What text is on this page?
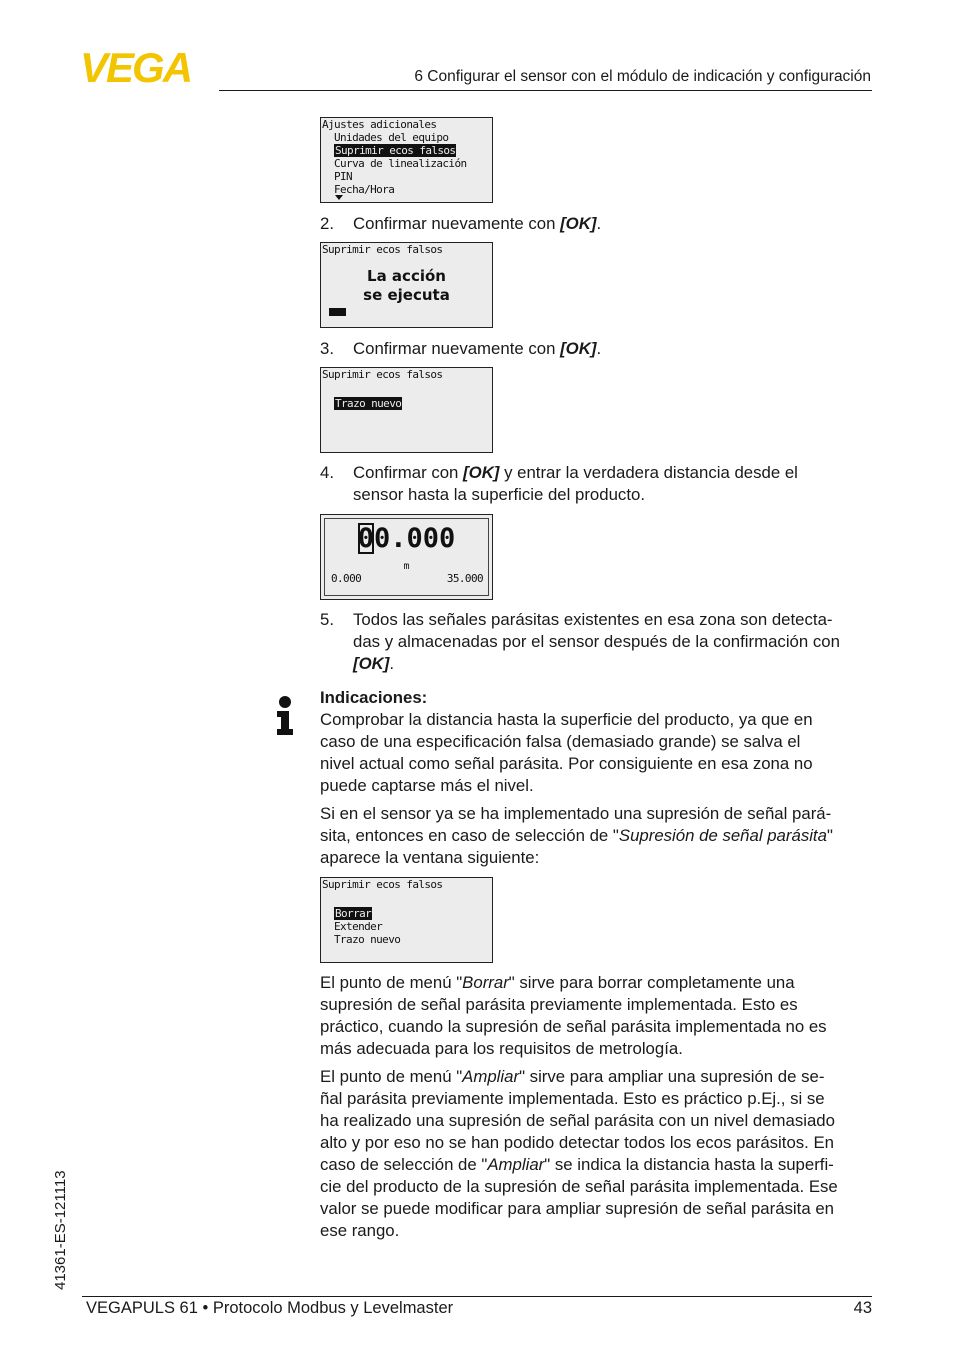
VEGA	6 Configurar el sensor con el módulo de indicación y configuración
Ajustes adicionales
Unidades del equipo
Suprimir ecos falsos
Curva de linealización
PIN
Fecha/Hora
2. Confirmar nuevamente con [OK].
Suprimir ecos falsos
La acción
se ejecuta
3. Confirmar nuevamente con [OK].
Suprimir ecos falsos
Trazo nuevo
4. Confirmar con [OK] y entrar la verdadera distancia desde el
sensor hasta la superficie del producto.
00.000
m
0.000	35.000
5. Todos las señales parásitas existentes en esa zona son detecta-
das y almacenadas por el sensor después de la confirmación con
[OK].
Indicaciones:
Comprobar la distancia hasta la superficie del producto, ya que en
caso de una especificación falsa (demasiado grande) se salva el
nivel actual como señal parásita. Por consiguiente en esa zona no
puede captarse más el nivel.
Si en el sensor ya se ha implementado una supresión de señal pará-
sita, entonces en caso de selección de "Supresión de señal parásita"
aparece la ventana siguiente:
Suprimir ecos falsos
Borrar
Extender
Trazo nuevo
El punto de menú "Borrar" sirve para borrar completamente una
supresión de señal parásita previamente implementada. Esto es
práctico, cuando la supresión de señal parásita implementada no es
más adecuada para los requisitos de metrología.
El punto de menú "Ampliar" sirve para ampliar una supresión de se-
ñal parásita previamente implementada. Esto es práctico p.Ej., si se
ha realizado una supresión de señal parásita con un nivel demasiado
alto y por eso no se han podido detectar todos los ecos parásitos. En
caso de selección de "Ampliar" se indica la distancia hasta la superfi-
cie del producto de la supresión de señal parásita implementada. Ese
valor se puede modificar para ampliar supresión de señal parásita en
ese rango.
41361-ES-121113
VEGAPULS 61 • Protocolo Modbus y Levelmaster	43
